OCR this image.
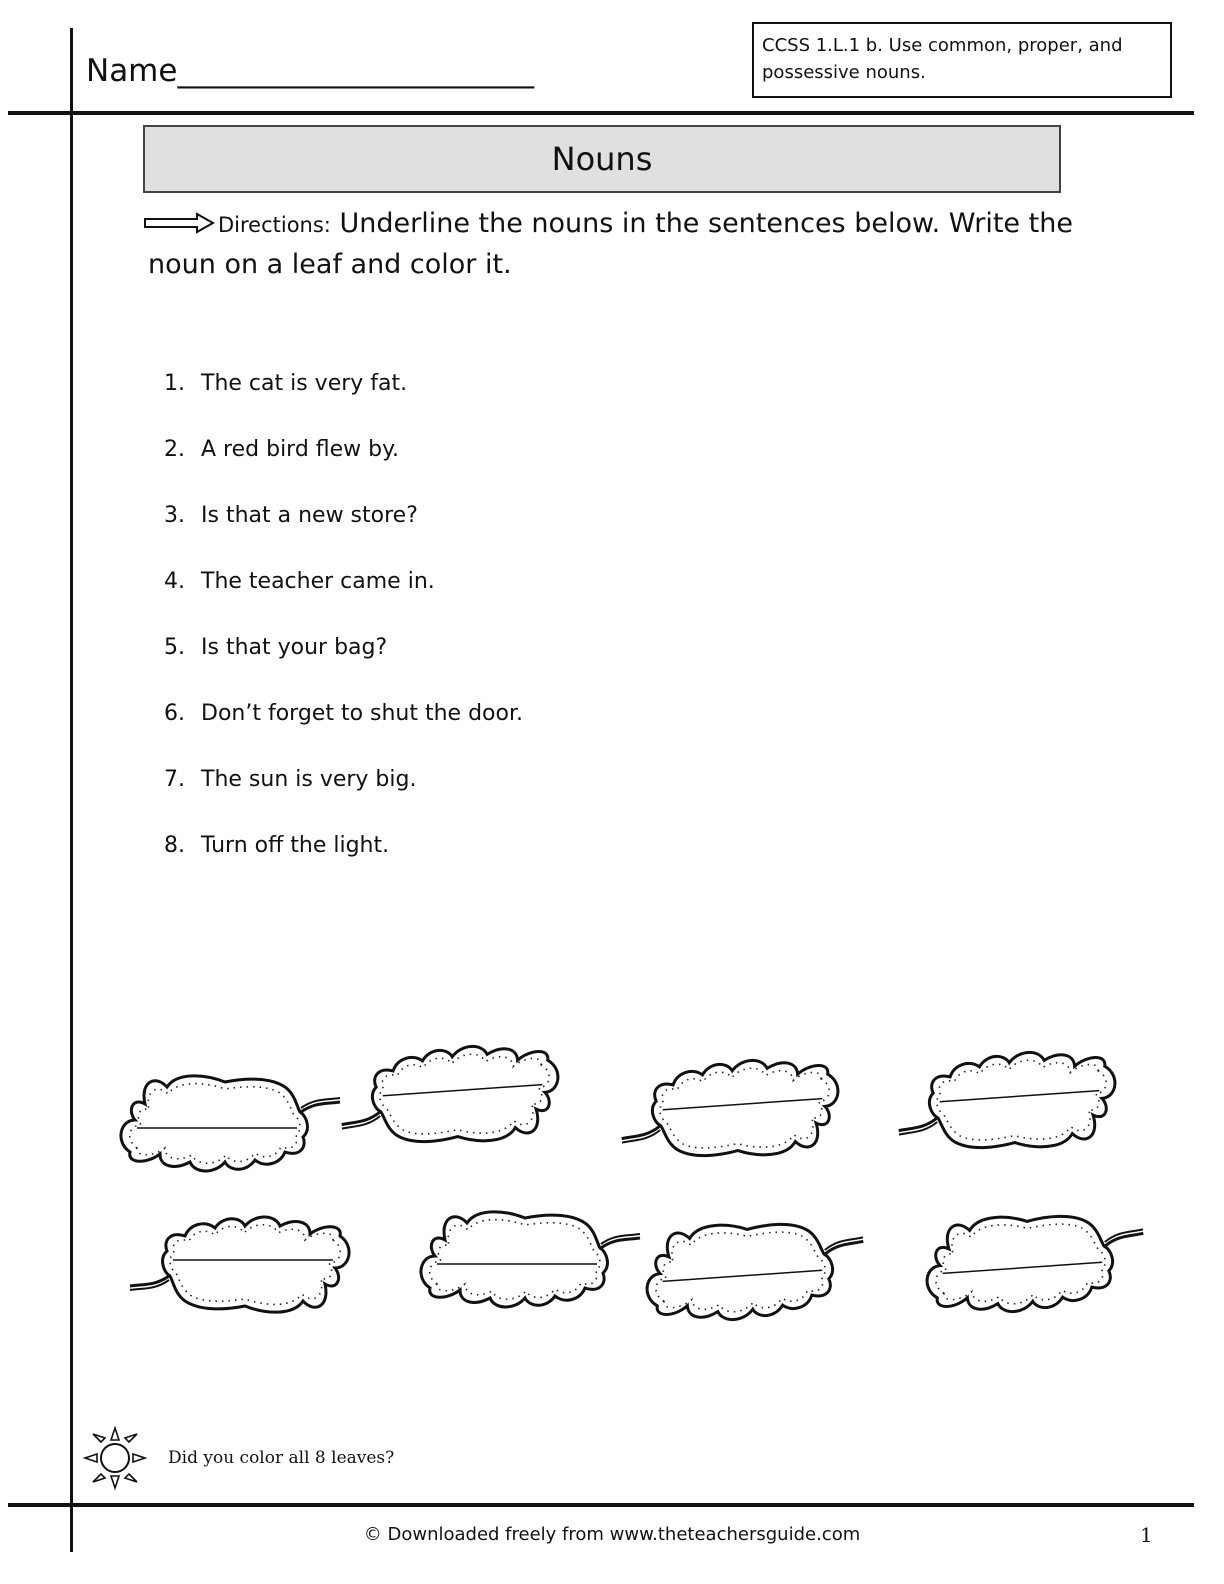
Name_______________________
CCSS 1.L.1 b. Use common, proper, and possessive nouns.
Nouns
Directions: Underline the nouns in the sentences below. Write the noun on a leaf and color it.
1. The cat is very fat.
2. A red bird flew by.
3. Is that a new store?
4. The teacher came in.
5. Is that your bag?
6. Don’t forget to shut the door.
7. The sun is very big.
8. Turn off the light.
Did you color all 8 leaves?
© Downloaded freely from www.theteachersguide.com	1
